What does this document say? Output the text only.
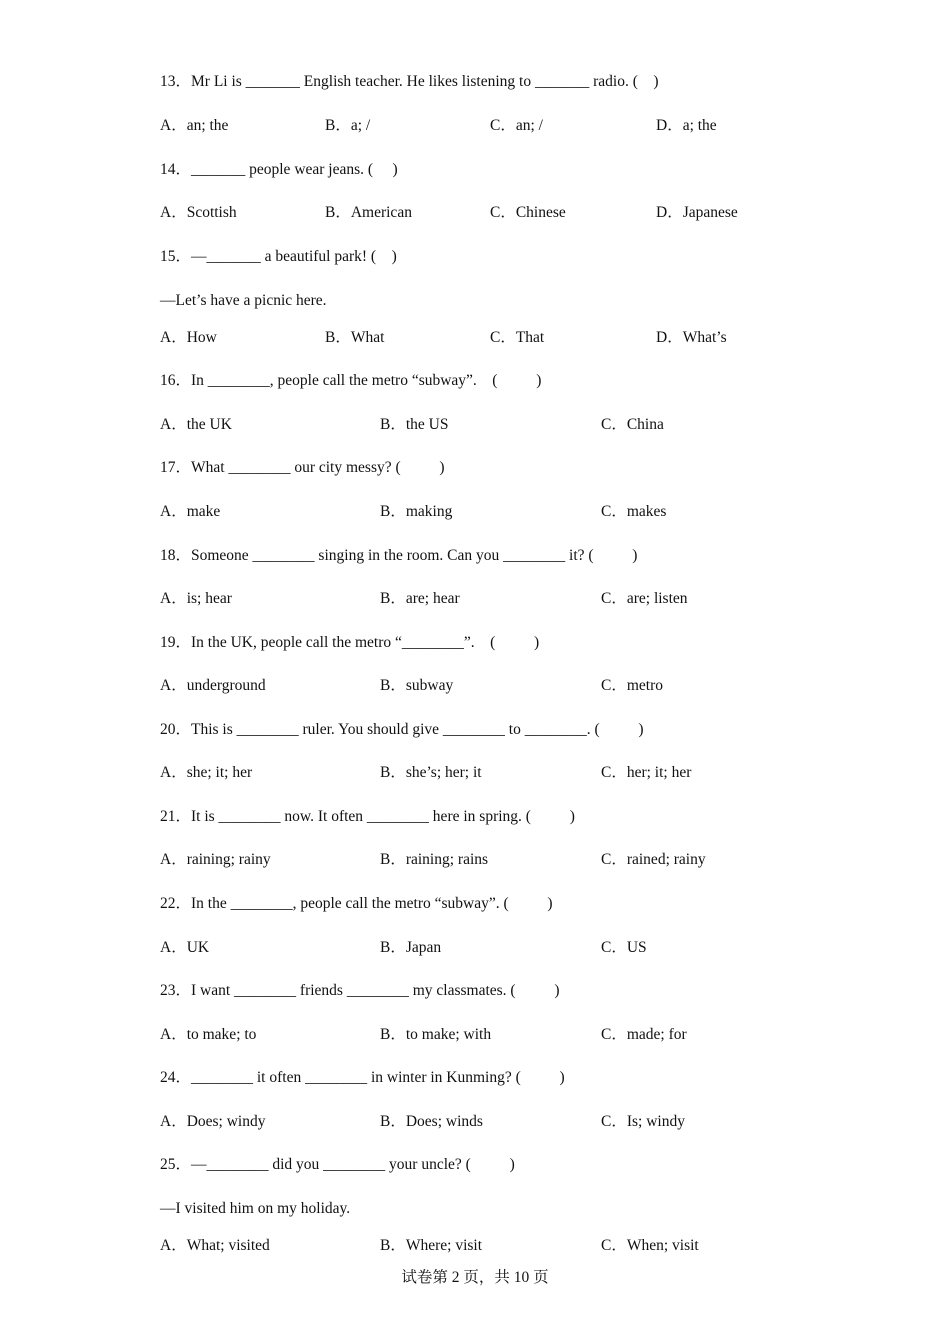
13．Mr Li is _______ English teacher. He likes listening to _______ radio. (    )
A．an; the	B．a; /	C．an; /	D．a; the
14．_______ people wear jeans. (     )
A．Scottish	B．American	C．Chinese	D．Japanese
15．—_______ a beautiful park! (    )
—Let’s have a picnic here.
A．How	B．What	C．That	D．What’s
16．In ________, people call the metro “subway”.    (          )
A．the UK	B．the US	C．China
17．What ________ our city messy? (          )
A．make	B．making	C．makes
18．Someone ________ singing in the room. Can you ________ it? (          )
A．is; hear	B．are; hear	C．are; listen
19．In the UK, people call the metro “________”.    (          )
A．underground	B．subway	C．metro
20．This is ________ ruler. You should give ________ to ________. (          )
A．she; it; her	B．she’s; her; it	C．her; it; her
21．It is ________ now. It often ________ here in spring. (          )
A．raining; rainy	B．raining; rains	C．rained; rainy
22．In the ________, people call the metro “subway”. (          )
A．UK	B．Japan	C．US
23．I want ________ friends ________ my classmates. (          )
A．to make; to	B．to make; with	C．made; for
24．________ it often ________ in winter in Kunming? (          )
A．Does; windy	B．Does; winds	C．Is; windy
25．—________ did you ________ your uncle? (          )
—I visited him on my holiday.
A．What; visited	B．Where; visit	C．When; visit
试卷第 2 页，共 10 页
